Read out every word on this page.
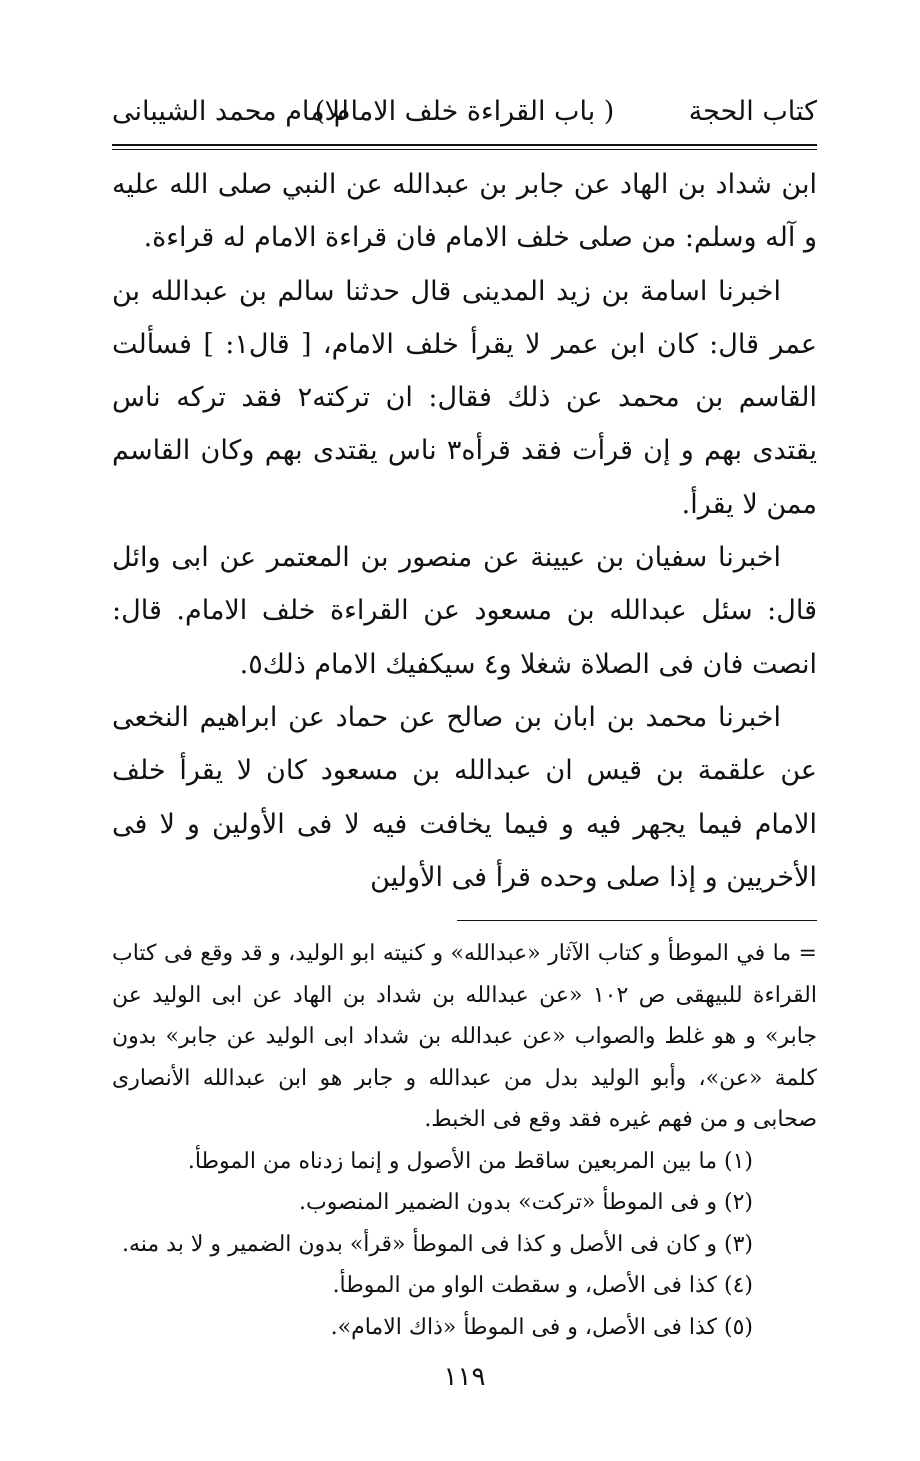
كتاب الحجة
( باب القراءة خلف الامام )
للامام محمد الشيبانى

ابن شداد بن الهاد عن جابر بن عبدالله عن النبي صلى الله عليه و آله وسلم: من صلى خلف الامام فان قراءة الامام له قراءة.

اخبرنا اسامة بن زيد المدينى قال حدثنا سالم بن عبدالله بن عمر قال: كان ابن عمر لا يقرأ خلف الامام، [ قال١: ] فسألت القاسم بن محمد عن ذلك فقال: ان تركته٢ فقد تركه ناس يقتدى بهم و إن قرأت فقد قرأه٣ ناس يقتدى بهم وكان القاسم ممن لا يقرأ.

اخبرنا سفيان بن عيينة عن منصور بن المعتمر عن ابى وائل قال: سئل عبدالله بن مسعود عن القراءة خلف الامام. قال: انصت فان فى الصلاة شغلا و٤ سيكفيك الامام ذلك٥.

اخبرنا محمد بن ابان بن صالح عن حماد عن ابراهيم النخعى عن علقمة بن قيس ان عبدالله بن مسعود كان لا يقرأ خلف الامام فيما يجهر فيه و فيما يخافت فيه لا فى الأولين و لا فى الأخريين و إذا صلى وحده قرأ فى الأولين

= ما في الموطأ و كتاب الآثار «عبدالله» و كنيته ابو الوليد، و قد وقع فى كتاب القراءة للبيهقى ص ١٠٢ «عن عبدالله بن شداد بن الهاد عن ابى الوليد عن جابر» و هو غلط والصواب «عن عبدالله بن شداد ابى الوليد عن جابر» بدون كلمة «عن»، وأبو الوليد بدل من عبدالله و جابر هو ابن عبدالله الأنصارى صحابى و من فهم غيره فقد وقع فى الخبط.

(١) ما بين المربعين ساقط من الأصول و إنما زدناه من الموطأ.

(٢) و فى الموطأ «تركت» بدون الضمير المنصوب.

(٣) و كان فى الأصل و كذا فى الموطأ «قرأ» بدون الضمير و لا بد منه.

(٤) كذا فى الأصل، و سقطت الواو من الموطأ.

(٥) كذا فى الأصل، و فى الموطأ «ذاك الامام».

١١٩
